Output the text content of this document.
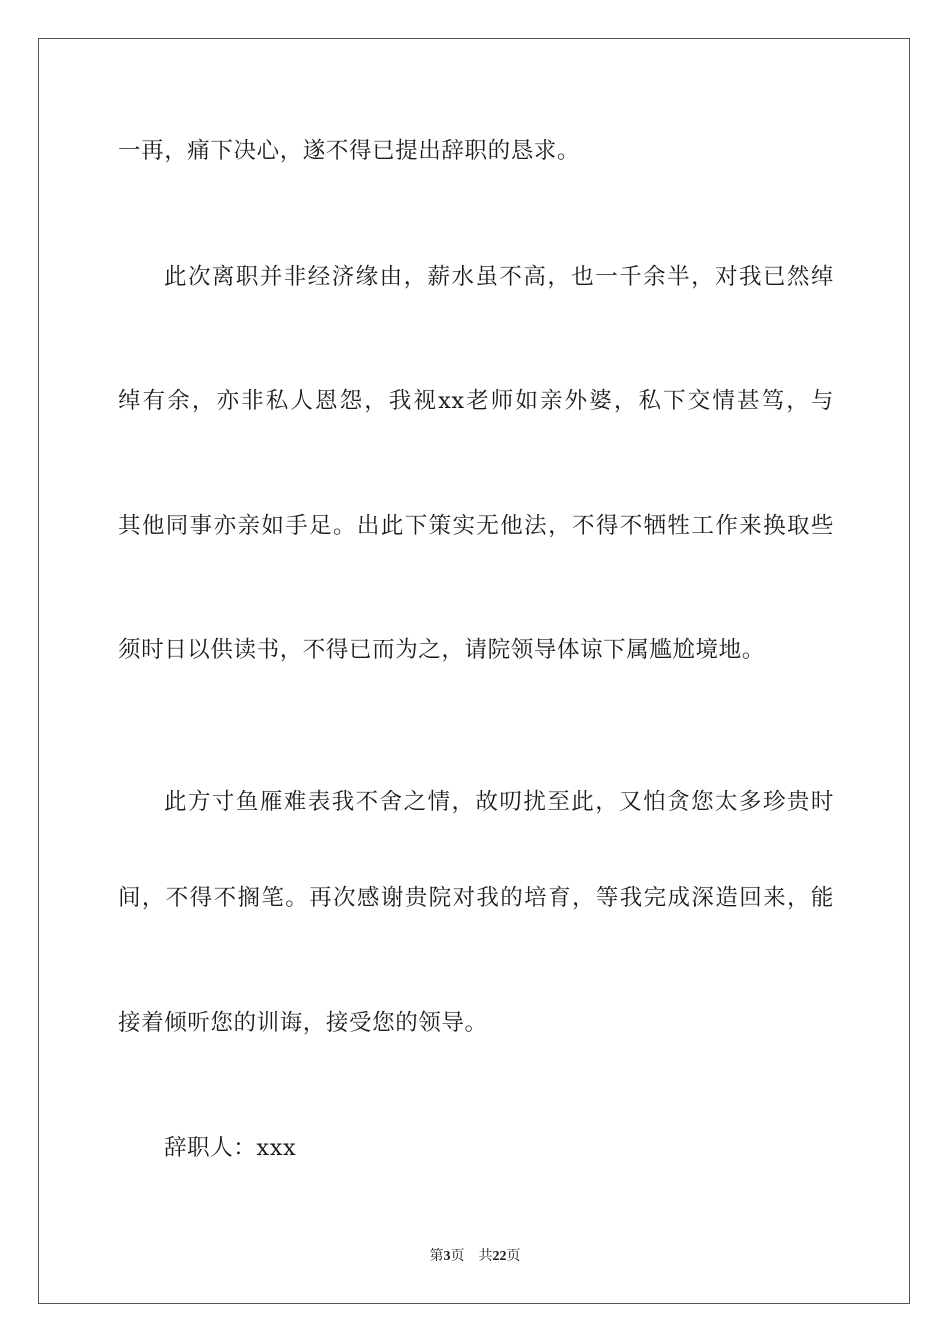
一再，痛下决心，遂不得已提出辞职的恳求。
此次离职并非经济缘由，薪水虽不高，也一千余半，对我已然绰
绰有余，亦非私人恩怨，我视xx老师如亲外婆，私下交情甚笃，与
其他同事亦亲如手足。出此下策实无他法，不得不牺牲工作来换取些
须时日以供读书，不得已而为之，请院领导体谅下属尴尬境地。
此方寸鱼雁难表我不舍之情，故叨扰至此，又怕贪您太多珍贵时
间，不得不搁笔。再次感谢贵院对我的培育，等我完成深造回来，能
接着倾听您的训诲，接受您的领导。
辞职人：xxx
第3页 共22页
